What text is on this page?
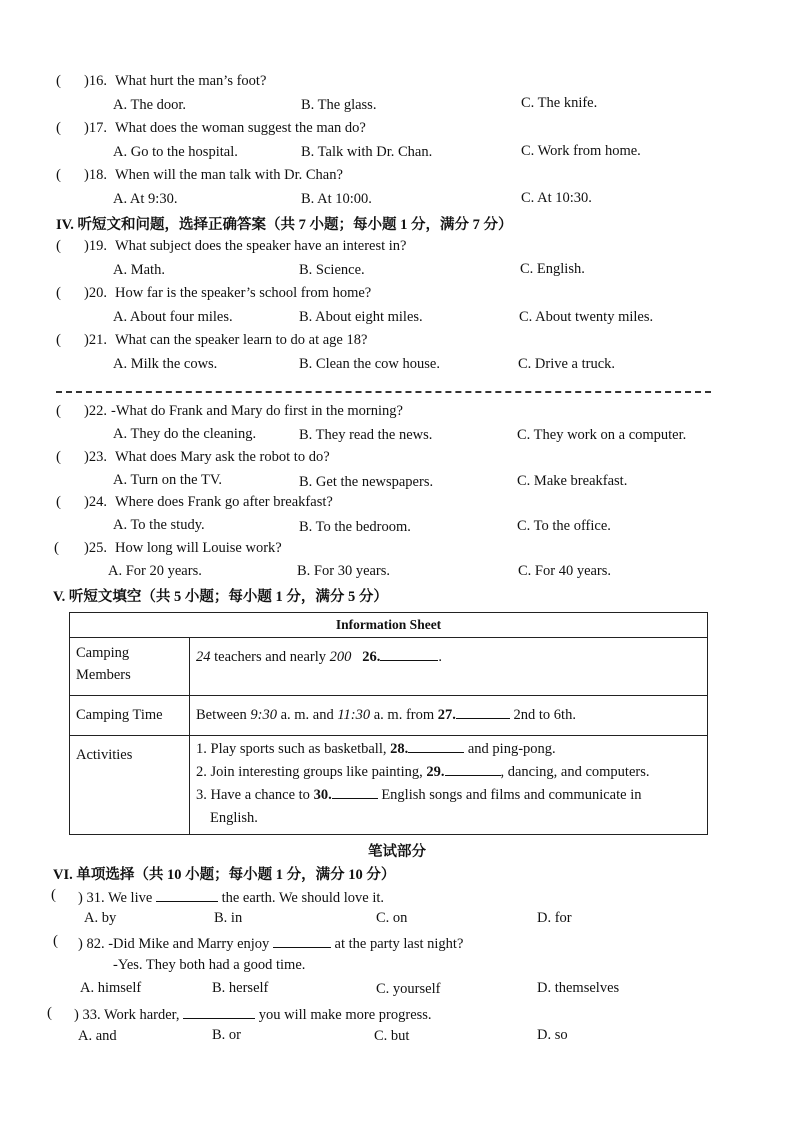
( )16. What hurt the man’s foot?
A. The door.	B. The glass.	C. The knife.
( )17. What does the woman suggest the man do?
A. Go to the hospital.	B. Talk with Dr. Chan.	C. Work from home.
( )18. When will the man talk with Dr. Chan?
A. At 9:30.	B. At 10:00.	C. At 10:30.
IV. 听短文和问题，选择正确答案（共 7 小题；每小题 1 分，满分 7 分）
( )19. What subject does the speaker have an interest in?
A. Math.	B. Science.	C. English.
( )20. How far is the speaker’s school from home?
A. About four miles.	B. About eight miles.	C. About twenty miles.
( )21. What can the speaker learn to do at age 18?
A. Milk the cows.	B. Clean the cow house.	C. Drive a truck.
( )22. -What do Frank and Mary do first in the morning?
A. They do the cleaning.	B. They read the news.	C. They work on a computer.
( )23. What does Mary ask the robot to do?
A. Turn on the TV.	B. Get the newspapers.	C. Make breakfast.
( )24. Where does Frank go after breakfast?
A. To the study.	B. To the bedroom.	C. To the office.
( )25. How long will Louise work?
A. For 20 years.	B. For 30 years.	C. For 40 years.
V. 听短文填空（共 5 小题；每小题 1 分，满分 5 分）
Information Sheet	
Camping
Members	24 teachers and nearly 200 26. .
Camping Time	Between 9:30 a. m. and 11:30 a. m. from 27. 2nd to 6th.
Activities	1. Play sports such as basketball, 28. and ping-pong.
2. Join interesting groups like painting, 29. , dancing, and computers.
3. Have a chance to 30. English songs and films and communicate in
English.
笔试部分
VI. 单项选择（共 10 小题；每小题 1 分，满分 10 分）
( ) 31. We live	the earth. We should love it.
A. by	B. in	C. on	D. for
( ) 82. -Did Mike and Marry enjoy	at the party last night?
-Yes. They both had a good time.
A. himself	B. herself	C. yourself	D. themselves
( ) 33. Work harder,	you will make more progress.
A. and	B. or	C. but	D. so
